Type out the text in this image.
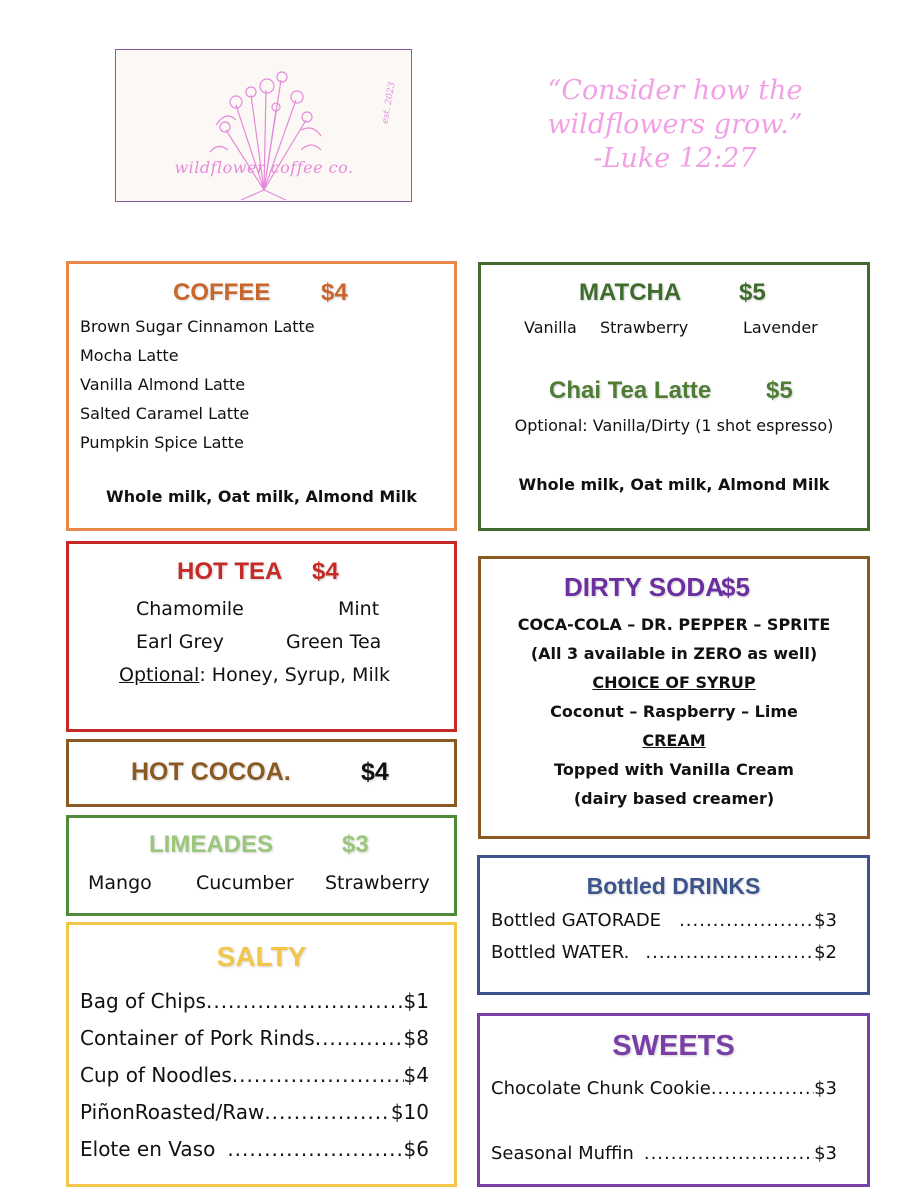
est. 2023
wildflower coffee co.
“Consider how the
wildflowers grow.”
-Luke 12:27
COFFEE $4
Brown Sugar Cinnamon Latte
Mocha Latte
Vanilla Almond Latte
Salted Caramel Latte
Pumpkin Spice Latte
Whole milk, Oat milk, Almond Milk
MATCHA $5
Vanilla Strawberry	Lavender
Chai Tea Latte $5
Optional: Vanilla/Dirty (1 shot espresso)
Whole milk, Oat milk, Almond Milk
HOT TEA $4
Chamomile	Mint
Earl Grey	Green Tea
Optional: Honey, Syrup, Milk
HOT COCOA.	$4
DIRTY SODA
$5
COCA-COLA – DR. PEPPER – SPRITE
(All 3 available in ZERO as well)
CHOICE OF SYRUP
Coconut – Raspberry – Lime
CREAM
Topped with Vanilla Cream
(dairy based creamer)
LIMEADES	$3
Mango Cucumber Strawberry	Bottled DRINKS
Bottled GATORADE .....	$3
Bottled WATER. .....	$2
SALTY
Bag of Chips .....	$1
Container of Pork Rinds .....	$8
Cup of Noodles .....	$4
PiñonRoasted/Raw .....	$10
Elote en Vaso .....	$6
SWEETS
Chocolate Chunk Cookie .....	$3
Seasonal Muffin .....	$3
